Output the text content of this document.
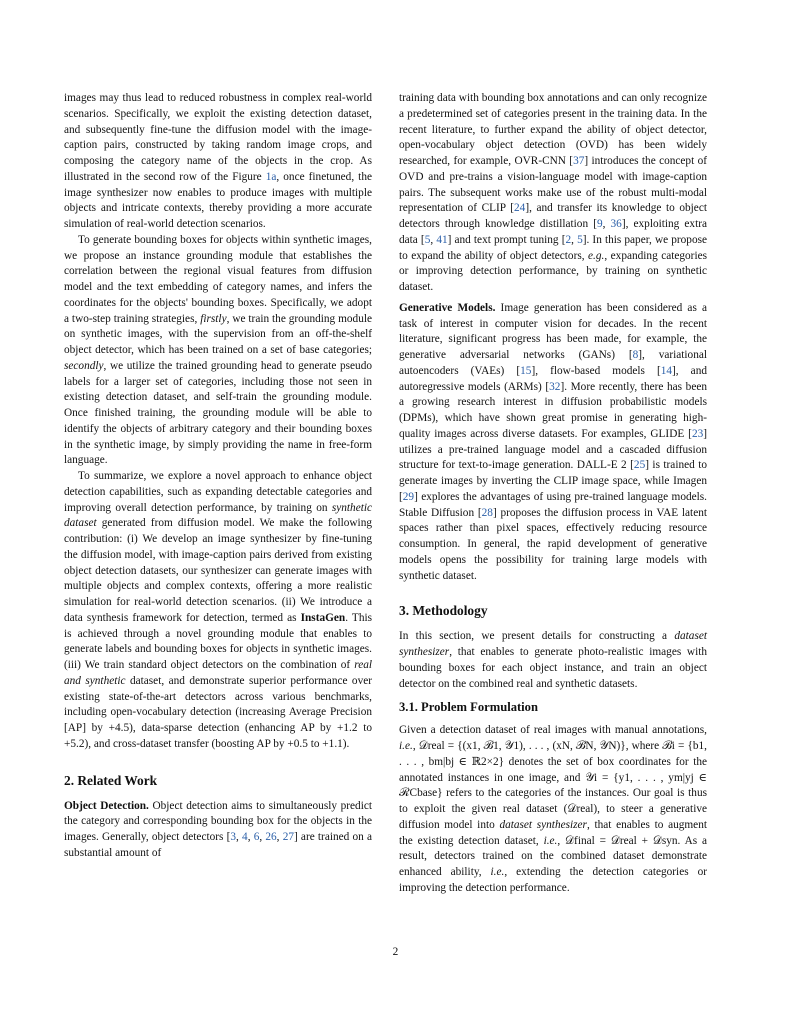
images may thus lead to reduced robustness in complex real-world scenarios. Specifically, we exploit the existing detection dataset, and subsequently fine-tune the diffusion model with the image-caption pairs, constructed by taking random image crops, and composing the category name of the objects in the crop. As illustrated in the second row of the Figure 1a, once finetuned, the image synthesizer now enables to produce images with multiple objects and intricate contexts, thereby providing a more accurate simulation of real-world detection scenarios.

To generate bounding boxes for objects within synthetic images, we propose an instance grounding module that establishes the correlation between the regional visual features from diffusion model and the text embedding of category names, and infers the coordinates for the objects' bounding boxes. Specifically, we adopt a two-step training strategies, firstly, we train the grounding module on synthetic images, with the supervision from an off-the-shelf object detector, which has been trained on a set of base categories; secondly, we utilize the trained grounding head to generate pseudo labels for a larger set of categories, including those not seen in existing detection dataset, and self-train the grounding module. Once finished training, the grounding module will be able to identify the objects of arbitrary category and their bounding boxes in the synthetic image, by simply providing the name in free-form language.

To summarize, we explore a novel approach to enhance object detection capabilities, such as expanding detectable categories and improving overall detection performance, by training on synthetic dataset generated from diffusion model. We make the following contribution: (i) We develop an image synthesizer by fine-tuning the diffusion model, with image-caption pairs derived from existing object detection datasets, our synthesizer can generate images with multiple objects and complex contexts, offering a more realistic simulation for real-world detection scenarios. (ii) We introduce a data synthesis framework for detection, termed as InstaGen. This is achieved through a novel grounding module that enables to generate labels and bounding boxes for objects in synthetic images. (iii) We train standard object detectors on the combination of real and synthetic dataset, and demonstrate superior performance over existing state-of-the-art detectors across various benchmarks, including open-vocabulary detection (increasing Average Precision [AP] by +4.5), data-sparse detection (enhancing AP by +1.2 to +5.2), and cross-dataset transfer (boosting AP by +0.5 to +1.1).

2. Related Work

Object Detection. Object detection aims to simultaneously predict the category and corresponding bounding box for the objects in the images. Generally, object detectors [3, 4, 6, 26, 27] are trained on a substantial amount of

training data with bounding box annotations and can only recognize a predetermined set of categories present in the training data. In the recent literature, to further expand the ability of object detector, open-vocabulary object detection (OVD) has been widely researched, for example, OVR-CNN [37] introduces the concept of OVD and pre-trains a vision-language model with image-caption pairs. The subsequent works make use of the robust multi-modal representation of CLIP [24], and transfer its knowledge to object detectors through knowledge distillation [9, 36], exploiting extra data [5, 41] and text prompt tuning [2, 5]. In this paper, we propose to expand the ability of object detectors, e.g., expanding categories or improving detection performance, by training on synthetic dataset.

Generative Models. Image generation has been considered as a task of interest in computer vision for decades. In the recent literature, significant progress has been made, for example, the generative adversarial networks (GANs) [8], variational autoencoders (VAEs) [15], flow-based models [14], and autoregressive models (ARMs) [32]. More recently, there has been a growing research interest in diffusion probabilistic models (DPMs), which have shown great promise in generating high-quality images across diverse datasets. For examples, GLIDE [23] utilizes a pre-trained language model and a cascaded diffusion structure for text-to-image generation. DALL-E 2 [25] is trained to generate images by inverting the CLIP image space, while Imagen [29] explores the advantages of using pre-trained language models. Stable Diffusion [28] proposes the diffusion process in VAE latent spaces rather than pixel spaces, effectively reducing resource consumption. In general, the rapid development of generative models opens the possibility for training large models with synthetic dataset.

3. Methodology

In this section, we present details for constructing a dataset synthesizer, that enables to generate photo-realistic images with bounding boxes for each object instance, and train an object detector on the combined real and synthetic datasets.

3.1. Problem Formulation

Given a detection dataset of real images with manual annotations, i.e., 𝒟real = {(x1, ℬ1, 𝒴1), . . . , (xN, ℬN, 𝒴N)}, where ℬi = {b1, . . . , bm|bj ∈ ℝ2×2} denotes the set of box coordinates for the annotated instances in one image, and 𝒴i = {y1, . . . , ym|yj ∈ ℛCbase} refers to the categories of the instances. Our goal is thus to exploit the given real dataset (𝒟real), to steer a generative diffusion model into dataset synthesizer, that enables to augment the existing detection dataset, i.e., 𝒟final = 𝒟real + 𝒟syn. As a result, detectors trained on the combined dataset demonstrate enhanced ability, i.e., extending the detection categories or improving the detection performance.

2
